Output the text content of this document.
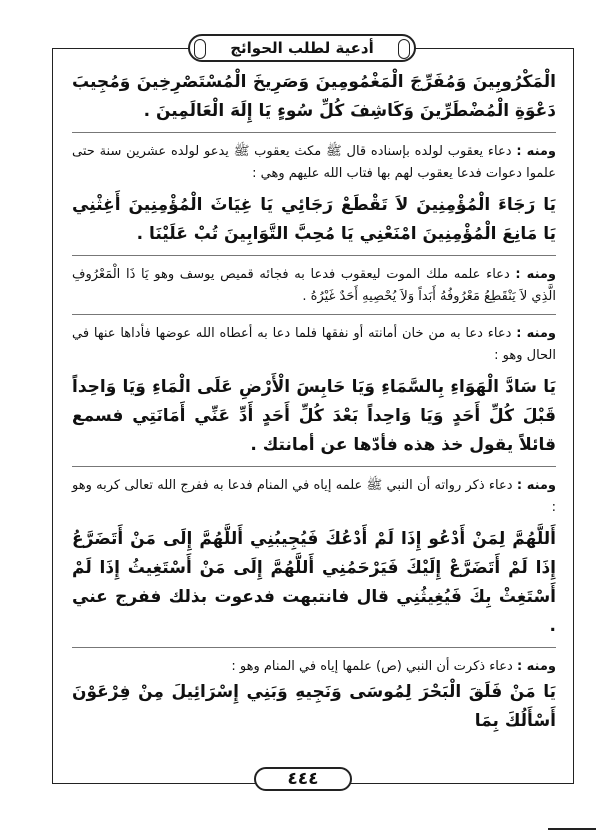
أدعية لطلب الحوائج

الْمَكْرُوبِينَ وَمُفَرِّجَ الْمَغْمُومِينَ وَصَرِيخَ الْمُسْتَصْرِخِينَ وَمُجِيبَ دَعْوَةِ الْمُضْطَرِّينَ وَكَاشِفَ كُلِّ سُوءٍ يَا إِلَهَ الْعَالَمِينَ .

ومنه : دعاء يعقوب لولده بإسناده قال ﷺ مكث يعقوب ﷺ يدعو لولده عشرين سنة حتى علموا دعوات فدعا يعقوب لهم بها فتاب الله عليهم وهي :

يَا رَجَاءَ الْمُؤْمِنِينَ لاَ تَقْطَعْ رَجَائِي يَا غِيَاثَ الْمُؤْمِنِينَ أَغِثْنِي يَا مَانِعَ الْمُؤْمِنِينَ امْنَعْنِي يَا مُحِبَّ التَّوَابِينَ تُبْ عَلَيْنَا .

ومنه : دعاء علمه ملك الموت ليعقوب فدعا به فجائه قميص يوسف وهو يَا ذَا الْمَعْرُوفِ الَّذِي لاَ يَنْقَطِعُ مَعْرُوفُهُ أَبَداً وَلاَ يُحْصِيهِ أَحَدٌ غَيْرُهُ .

ومنه : دعاء دعا به من خان أمانته أو نفقها فلما دعا به أعطاه الله عوضها فأداها عنها في الحال وهو :

يَا سَادَّ الْهَوَاءِ بِالسَّمَاءِ وَيَا حَابِسَ الْأَرْضِ عَلَى الْمَاءِ وَيَا وَاحِداً قَبْلَ كُلِّ أَحَدٍ وَيَا وَاحِداً بَعْدَ كُلِّ أَحَدٍ أَدِّ عَنِّي أَمَانَتِي فسمع قائلاً يقول خذ هذه فأدّها عن أمانتك .

ومنه : دعاء ذكر رواته أن النبي ﷺ علمه إياه في المنام فدعا به ففرج الله تعالى كربه وهو :

أَللَّهُمَّ لِمَنْ أَدْعُو إِذَا لَمْ أَدْعُكَ فَيُجِيبُنِي أَللَّهُمَّ إِلَى مَنْ أَتَضَرَّعُ إِذَا لَمْ أَتَضَرَّعْ إِلَيْكَ فَيَرْحَمُنِي أَللَّهُمَّ إِلَى مَنْ أَسْتَغِيثُ إِذَا لَمْ أَسْتَغِثْ بِكَ فَيُغِيثُنِي قال فانتبهت فدعوت بذلك ففرج عني .

ومنه : دعاء ذكرت أن النبي (ص) علمها إياه في المنام وهو :

يَا مَنْ فَلَقَ الْبَحْرَ لِمُوسَى وَنَجِيهِ وَبَنِي إِسْرَائِيلَ مِنْ فِرْعَوْنَ أَسْأَلُكَ بِمَا

٤٤٤
